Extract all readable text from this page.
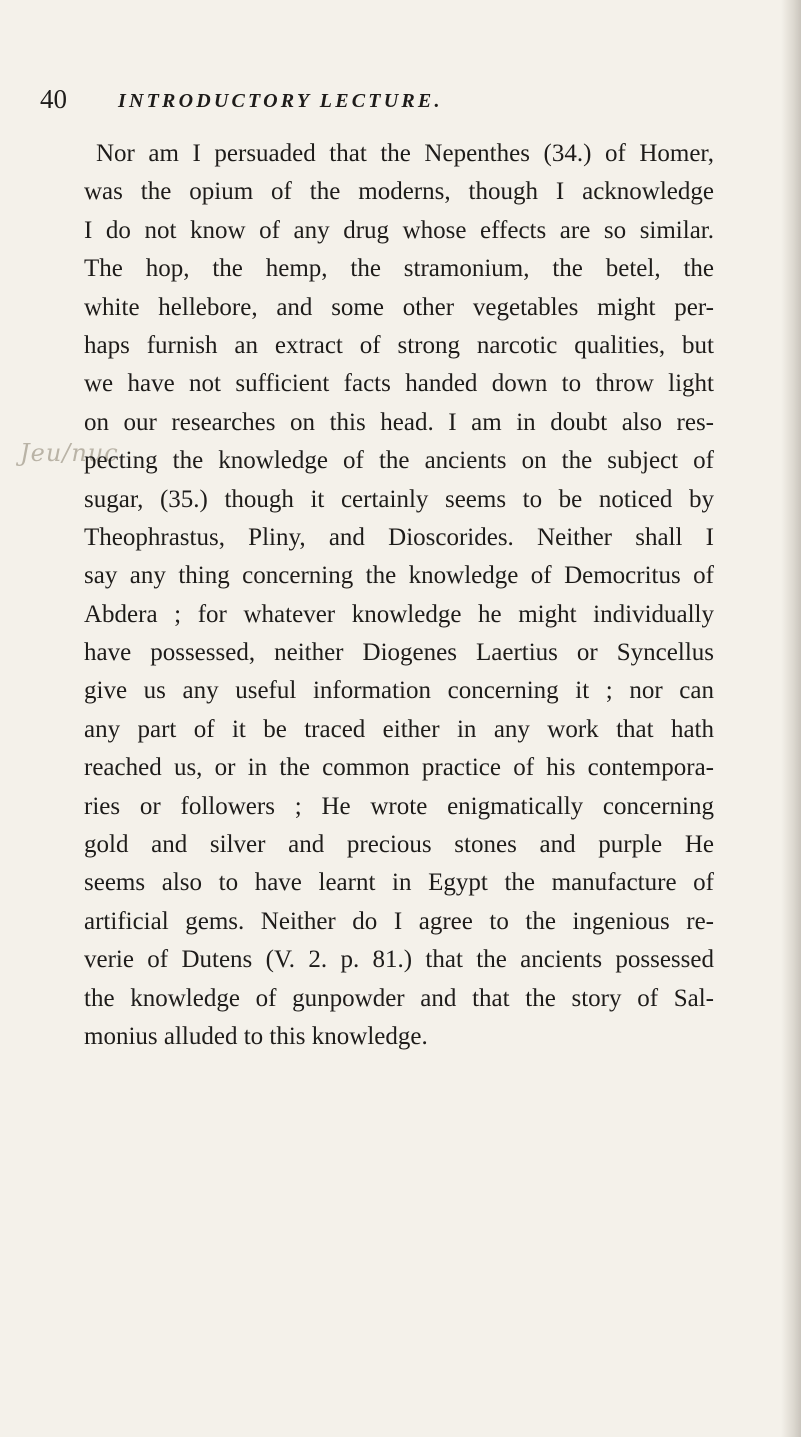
40	INTRODUCTORY LECTURE.
Jeu/nuc
Nor am I persuaded that the Nepenthes (34.) of Homer,
was the opium of the moderns, though I acknowledge
I do not know of any drug whose effects are so similar.
The hop, the hemp, the stramonium, the betel, the
white hellebore, and some other vegetables might per-
haps furnish an extract of strong narcotic qualities, but
we have not sufficient facts handed down to throw light
on our researches on this head. I am in doubt also res-
pecting the knowledge of the ancients on the subject of
sugar, (35.) though it certainly seems to be noticed by
Theophrastus, Pliny, and Dioscorides. Neither shall I
say any thing concerning the knowledge of Democritus of
Abdera ; for whatever knowledge he might individually
have possessed, neither Diogenes Laertius or Syncellus
give us any useful information concerning it ; nor can
any part of it be traced either in any work that hath
reached us, or in the common practice of his contempora-
ries or followers ; He wrote enigmatically concerning
gold and silver and precious stones and purple He
seems also to have learnt in Egypt the manufacture of
artificial gems. Neither do I agree to the ingenious re-
verie of Dutens (V. 2. p. 81.) that the ancients possessed
the knowledge of gunpowder and that the story of Sal-
monius alluded to this knowledge.
